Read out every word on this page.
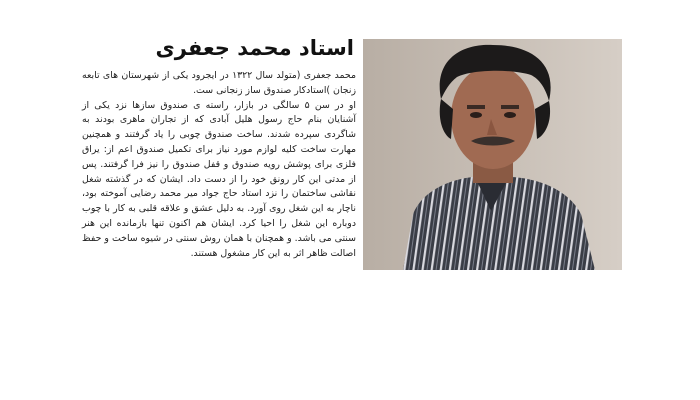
استاد محمد جعفری

محمد جعفری (متولد سال ۱۳۲۲ در ایجرود یکی از شهرستان های تابعه زنجان )استادکار صندوق ساز زنجانی ست.

او در سن ۵ سالگی در بازار، راسته ی صندوق سازها نزد یکی از آشنایان بنام حاج رسول هلیل آبادی که از تجاران ماهری بودند به شاگردی سپرده شدند. ساخت صندوق چوبی را یاد گرفتند و همچنین مهارت ساخت کلیه لوازم مورد نیاز برای تکمیل صندوق اعم از: یراق فلزی برای پوشش رویه صندوق و قفل صندوق را نیز فرا گرفتند. پس از مدتی این کار رونق خود را از دست داد. ایشان که در گذشته شغل نقاشی ساختمان را نزد استاد حاج جواد میر محمد رضایی آموخته بود، ناچار به این شغل روی آورد. به دلیل عشق و علاقه قلبی به کار با چوب دوباره این شغل را احیا کرد. ایشان هم اکنون تنها بازمانده این هنر سنتی می باشد. و همچنان با همان روش سنتی در شیوه ساخت و حفظ اصالت ظاهر اثر به این کار مشغول هستند.
